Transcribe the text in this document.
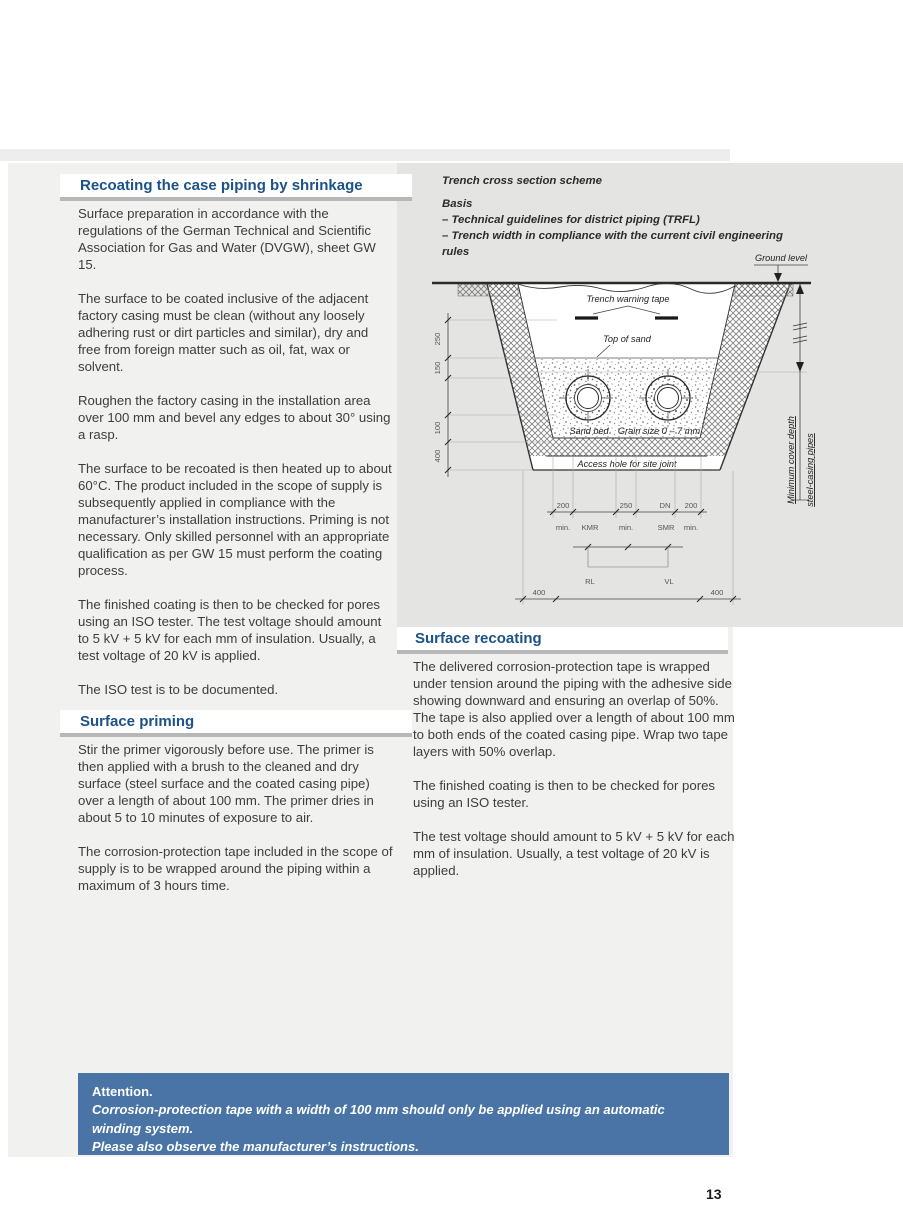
Recoating the case piping by shrinkage

Surface preparation in accordance with the regulations of the German Technical and Scientific Association for Gas and Water (DVGW), sheet GW 15.

The surface to be coated inclusive of the adjacent factory casing must be clean (without any loosely adhering rust or dirt particles and similar), dry and free from foreign matter such as oil, fat, wax or solvent.

Roughen the factory casing in the installation area over 100 mm and bevel any edges to about 30° using a rasp.

The surface to be recoated is then heated up to about 60°C. The product included in the scope of supply is subsequently applied in compliance with the manufacturer’s installation instructions. Priming is not necessary. Only skilled personnel with an appropriate qualification as per GW 15 must perform the coating process.

The finished coating is then to be checked for pores using an ISO tester. The test voltage should amount to 5 kV + 5 kV for each mm of insulation. Usually, a test voltage of 20 kV is applied.

The ISO test is to be documented.

Surface priming

Stir the primer vigorously before use. The primer is then applied with a brush to the cleaned and dry surface (steel surface and the coated casing pipe) over a length of about 100 mm. The primer dries in about 5 to 10 minutes of exposure to air.

The corrosion-protection tape included in the scope of supply is to be wrapped around the piping within a maximum of 3 hours time.

Trench cross section scheme
Basis
– Technical guidelines for district piping (TRFL)
– Trench width in compliance with the current civil engineering rules
Trench warning tape
Top of sand
Sand bed Grain size 0 – 7 mm
Access hole for site joint
250
150
100
400
Ground level
Minimum cover depth steel-casing pipes
200	250	DN 200
min. KMR	min.	SMR min.
RL	VL
400	400
Surface recoating

The delivered corrosion-protection tape is wrapped under tension around the piping with the adhesive side showing downward and ensuring an overlap of 50%. The tape is also applied over a length of about 100 mm to both ends of the coated casing pipe. Wrap two tape layers with 50% overlap.

The finished coating is then to be checked for pores using an ISO tester.

The test voltage should amount to 5 kV + 5 kV for each mm of insulation. Usually, a test voltage of 20 kV is applied.

Attention.
Corrosion-protection tape with a width of 100 mm should only be applied using an automatic winding system.
Please also observe the manufacturer’s instructions.
13
